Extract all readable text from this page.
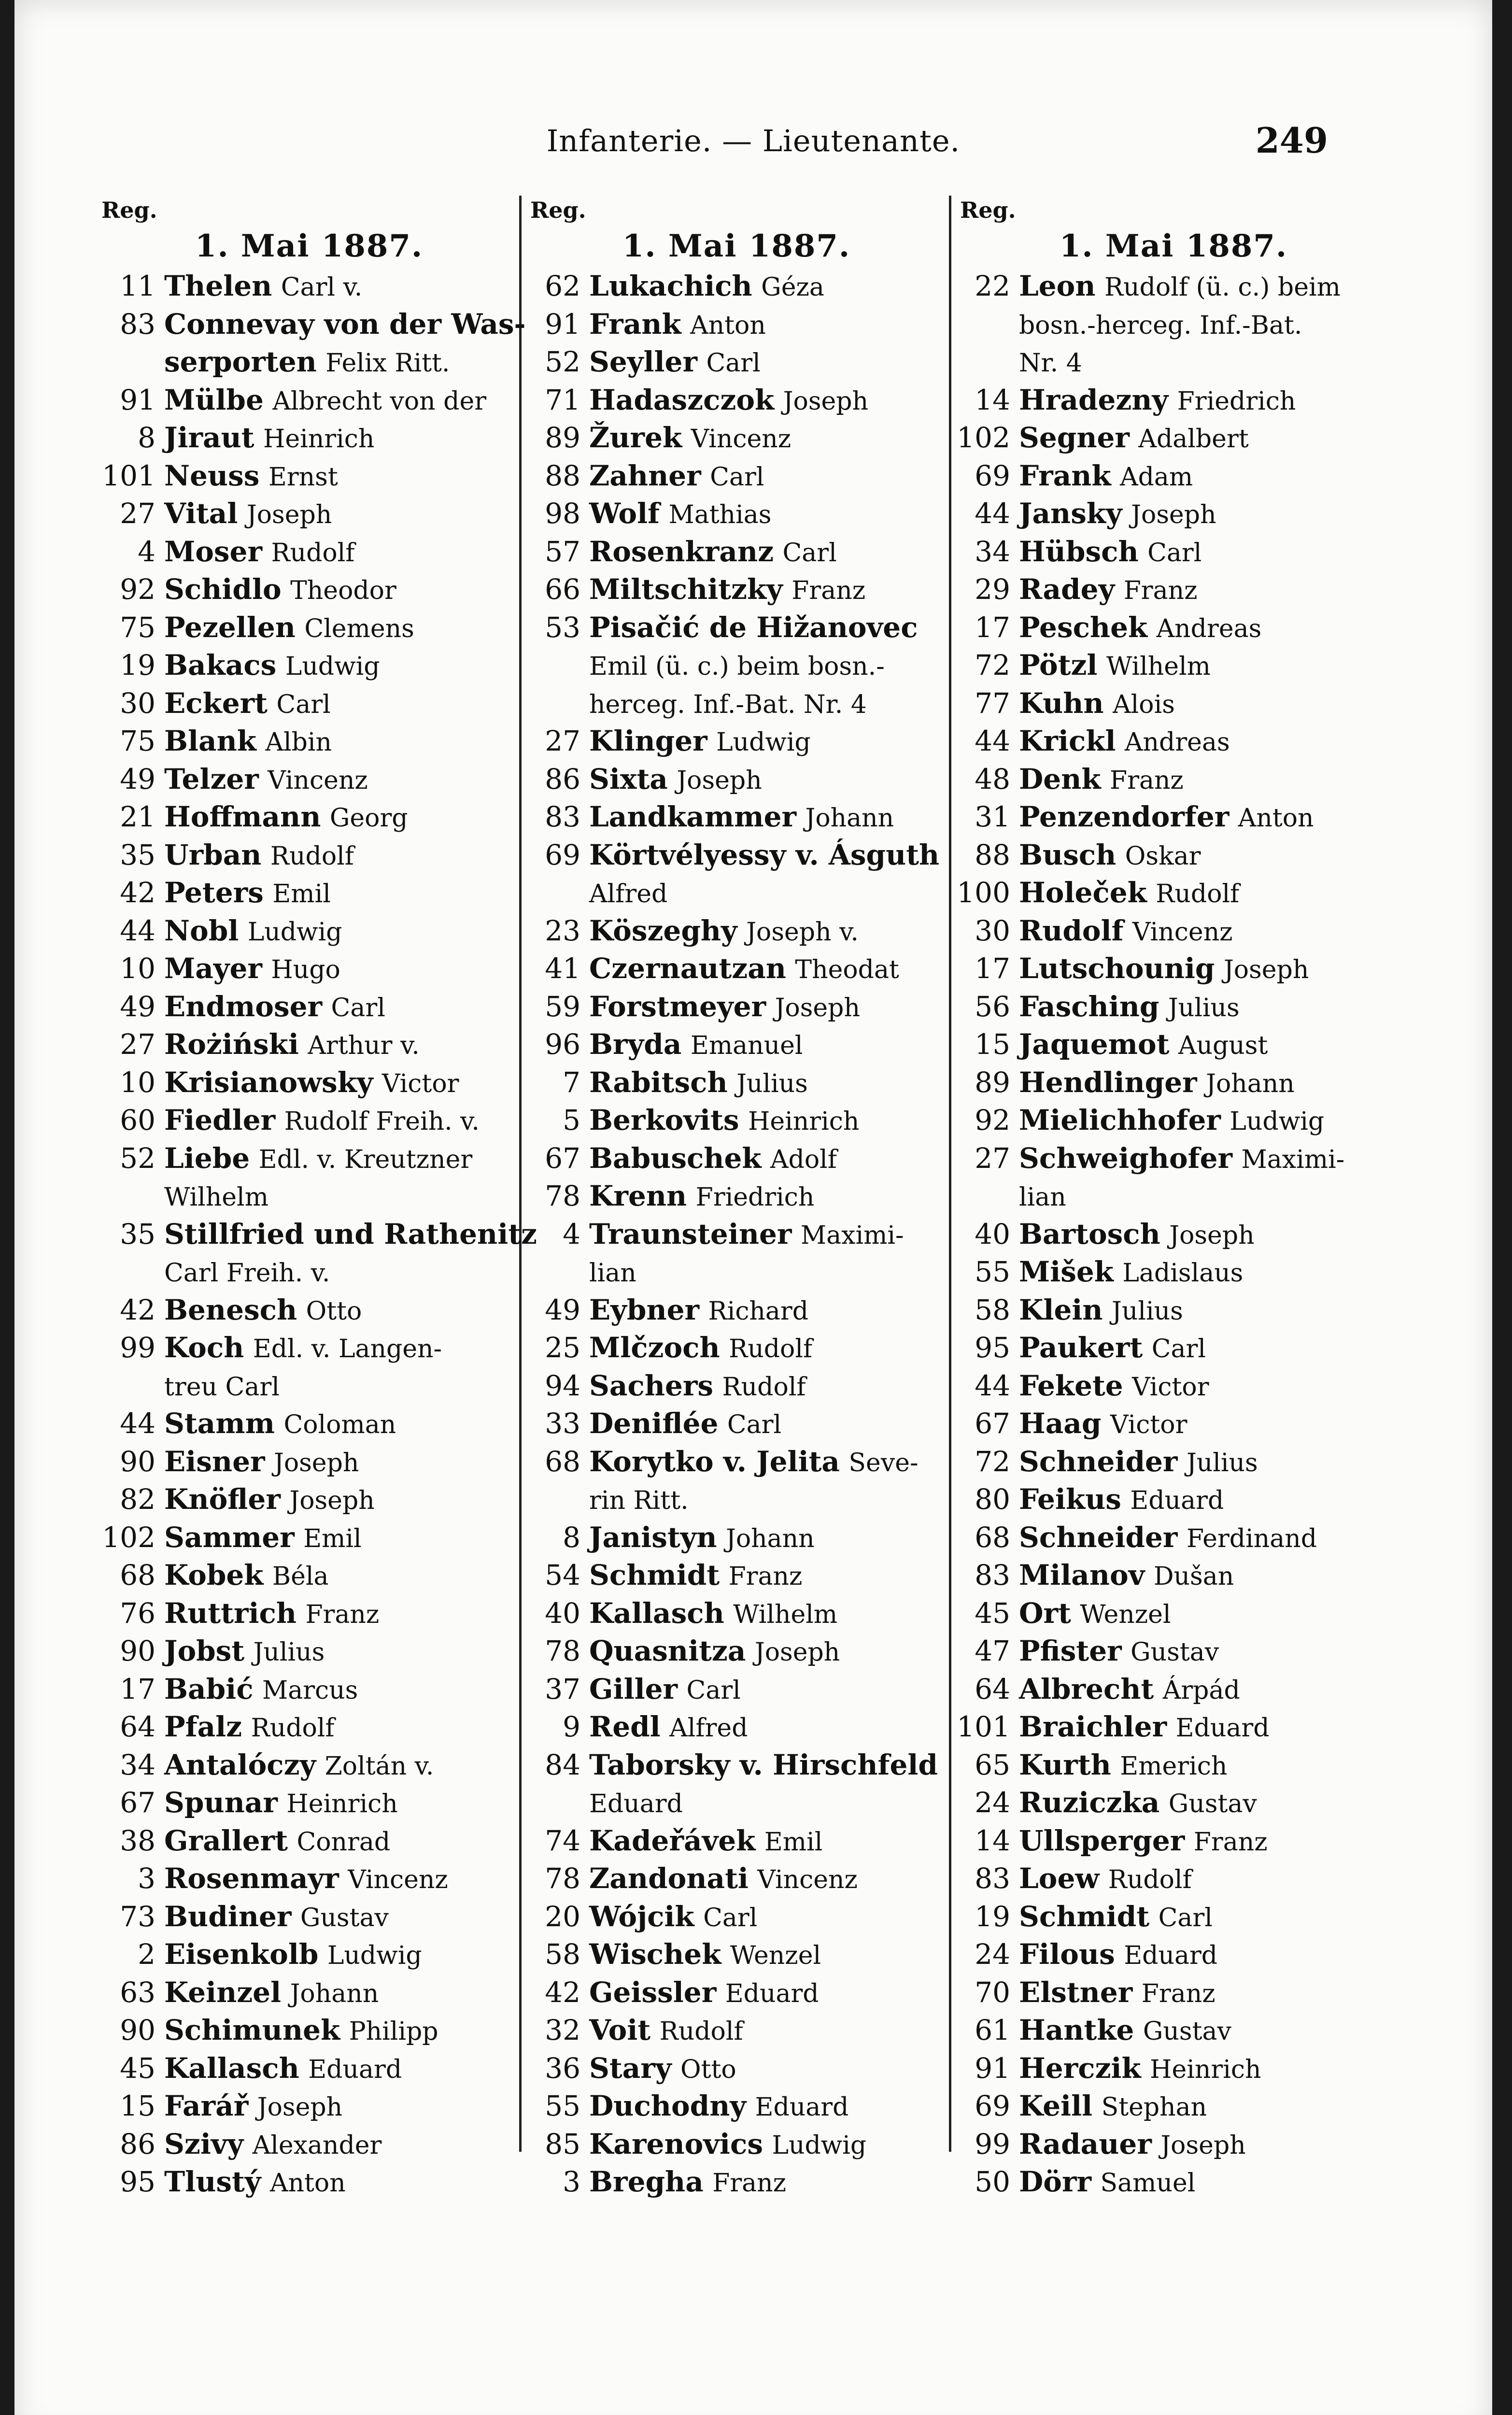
Infanterie. — Lieutenante.	249
Reg.
1. Mai 1887.
11 Thelen Carl v.
83 Connevay von der Was-
serporten Felix Ritt.
91 Mülbe Albrecht von der
8 Jiraut Heinrich
101 Neuss Ernst
27 Vital Joseph
4 Moser Rudolf
92 Schidlo Theodor
75 Pezellen Clemens
19 Bakacs Ludwig
30 Eckert Carl
75 Blank Albin
49 Telzer Vincenz
21 Hoffmann Georg
35 Urban Rudolf
42 Peters Emil
44 Nobl Ludwig
10 Mayer Hugo
49 Endmoser Carl
27 Rożiński Arthur v.
10 Krisianowsky Victor
60 Fiedler Rudolf Freih. v.
52 Liebe Edl. v. Kreutzner
Wilhelm
35 Stillfried und Rathenitz
Carl Freih. v.
42 Benesch Otto
99 Koch Edl. v. Langen-
treu Carl
44 Stamm Coloman
90 Eisner Joseph
82 Knöfler Joseph
102 Sammer Emil
68 Kobek Béla
76 Ruttrich Franz
90 Jobst Julius
17 Babić Marcus
64 Pfalz Rudolf
34 Antalóczy Zoltán v.
67 Spunar Heinrich
38 Grallert Conrad
3 Rosenmayr Vincenz
73 Budiner Gustav
2 Eisenkolb Ludwig
63 Keinzel Johann
90 Schimunek Philipp
45 Kallasch Eduard
15 Farář Joseph
86 Szivy Alexander
95 Tlustý Anton
Reg.
1. Mai 1887.
62 Lukachich Géza
91 Frank Anton
52 Seyller Carl
71 Hadaszczok Joseph
89 Žurek Vincenz
88 Zahner Carl
98 Wolf Mathias
57 Rosenkranz Carl
66 Miltschitzky Franz
53 Pisačić de Hižanovec
Emil (ü. c.) beim bosn.-
herceg. Inf.-Bat. Nr. 4
27 Klinger Ludwig
86 Sixta Joseph
83 Landkammer Johann
69 Körtvélyessy v. Ásguth
Alfred
23 Köszeghy Joseph v.
41 Czernautzan Theodat
59 Forstmeyer Joseph
96 Bryda Emanuel
7 Rabitsch Julius
5 Berkovits Heinrich
67 Babuschek Adolf
78 Krenn Friedrich
4 Traunsteiner Maximi-
lian
49 Eybner Richard
25 Mlčzoch Rudolf
94 Sachers Rudolf
33 Deniflée Carl
68 Korytko v. Jelita Seve-
rin Ritt.
8 Janistyn Johann
54 Schmidt Franz
40 Kallasch Wilhelm
78 Quasnitza Joseph
37 Giller Carl
9 Redl Alfred
84 Taborsky v. Hirschfeld
Eduard
74 Kadeřávek Emil
78 Zandonati Vincenz
20 Wójcik Carl
58 Wischek Wenzel
42 Geissler Eduard
32 Voit Rudolf
36 Stary Otto
55 Duchodny Eduard
85 Karenovics Ludwig
3 Bregha Franz
Reg.
1. Mai 1887.
22 Leon Rudolf (ü. c.) beim
bosn.-herceg. Inf.-Bat.
Nr. 4
14 Hradezny Friedrich
102 Segner Adalbert
69 Frank Adam
44 Jansky Joseph
34 Hübsch Carl
29 Radey Franz
17 Peschek Andreas
72 Pötzl Wilhelm
77 Kuhn Alois
44 Krickl Andreas
48 Denk Franz
31 Penzendorfer Anton
88 Busch Oskar
100 Holeček Rudolf
30 Rudolf Vincenz
17 Lutschounig Joseph
56 Fasching Julius
15 Jaquemot August
89 Hendlinger Johann
92 Mielichhofer Ludwig
27 Schweighofer Maximi-
lian
40 Bartosch Joseph
55 Mišek Ladislaus
58 Klein Julius
95 Paukert Carl
44 Fekete Victor
67 Haag Victor
72 Schneider Julius
80 Feikus Eduard
68 Schneider Ferdinand
83 Milanov Dušan
45 Ort Wenzel
47 Pfister Gustav
64 Albrecht Árpád
101 Braichler Eduard
65 Kurth Emerich
24 Ruziczka Gustav
14 Ullsperger Franz
83 Loew Rudolf
19 Schmidt Carl
24 Filous Eduard
70 Elstner Franz
61 Hantke Gustav
91 Herczik Heinrich
69 Keill Stephan
99 Radauer Joseph
50 Dörr Samuel
